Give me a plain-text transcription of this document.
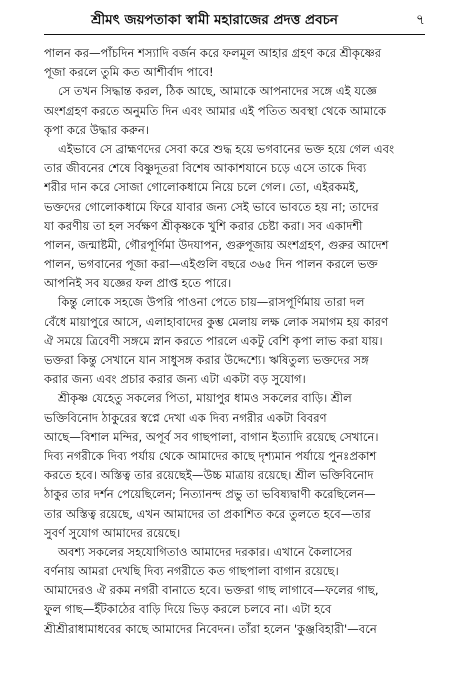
শ্রীমৎ জয়পতাকা স্বামী মহারাজের প্রদত্ত প্রবচন	৭
পালন কর—পাঁচদিন শস্যাদি বর্জন করে ফলমূল আহার গ্রহণ করে শ্রীকৃষ্ণের
পূজা করলে তুমি কত আশীর্বাদ পাবে!
সে তখন সিদ্ধান্ত করল, ঠিক আছে, আমাকে আপনাদের সঙ্গে এই যজ্ঞে
অংশগ্রহণ করতে অনুমতি দিন এবং আমার এই পতিত অবস্থা থেকে আমাকে
কৃপা করে উদ্ধার করুন।
এইভাবে সে ব্রাহ্মণদের সেবা করে শুদ্ধ হয়ে ভগবানের ভক্ত হয়ে গেল এবং
তার জীবনের শেষে বিষ্ণুদূতরা বিশেষ আকাশযানে চড়ে এসে তাকে দিব্য
শরীর দান করে সোজা গোলোকধামে নিয়ে চলে গেল। তো, এইরকমই,
ভক্তদের গোলোকধামে ফিরে যাবার জন্য সেই ভাবে ভাবতে হয় না; তাদের
যা করণীয় তা হল সর্বক্ষণ শ্রীকৃষ্ণকে খুশি করার চেষ্টা করা। সব একাদশী
পালন, জন্মাষ্টমী, গৌরপূর্ণিমা উদযাপন, গুরুপূজায় অংশগ্রহণ, গুরুর আদেশ
পালন, ভগবানের পূজা করা—এইগুলি বছরে ৩৬৫ দিন পালন করলে ভক্ত
আপনিই সব যজ্ঞের ফল প্রাপ্ত হতে পারে।
কিন্তু লোকে সহজে উপরি পাওনা পেতে চায়—রাসপূর্ণিমায় তারা দল
বেঁধে মায়াপুরে আসে, এলাহাবাদের কুম্ভ মেলায় লক্ষ লোক সমাগম হয় কারণ
ঐ সময়ে ত্রিবেণী সঙ্গমে স্নান করতে পারলে একটু বেশি কৃপা লাভ করা যায়।
ভক্তরা কিন্তু সেখানে যান সাধুসঙ্গ করার উদ্দেশ্যে। ঋষিতুল্য ভক্তদের সঙ্গ
করার জন্য এবং প্রচার করার জন্য এটা একটা বড় সুযোগ।
শ্রীকৃষ্ণ যেহেতু সকলের পিতা, মায়াপুর ধামও সকলের বাড়ি। শ্রীল
ভক্তিবিনোদ ঠাকুরের স্বপ্নে দেখা এক দিব্য নগরীর একটা বিবরণ
আছে—বিশাল মন্দির, অপূর্ব সব গাছপালা, বাগান ইত্যাদি রয়েছে সেখানে।
দিব্য নগরীকে দিব্য পর্যায় থেকে আমাদের কাছে দৃশ্যমান পর্যায়ে পুনঃপ্রকাশ
করতে হবে। অস্তিত্ব তার রয়েছেই—উচ্চ মাত্রায় রয়েছে। শ্রীল ভক্তিবিনোদ
ঠাকুর তার দর্শন পেয়েছিলেন; নিত্যানন্দ প্রভু তা ভবিষ্যদ্বাণী করেছিলেন—
তার অস্তিত্ব রয়েছে, এখন আমাদের তা প্রকাশিত করে তুলতে হবে—তার
সুবর্ণ সুযোগ আমাদের রয়েছে।
অবশ্য সকলের সহযোগিতাও আমাদের দরকার। এখানে কৈলাসের
বর্ণনায় আমরা দেখছি দিব্য নগরীতে কত গাছপালা বাগান রয়েছে।
আমাদেরও ঐ রকম নগরী বানাতে হবে। ভক্তরা গাছ লাগাবে—ফলের গাছ,
ফুল গাছ—ইঁটকাঠের বাড়ি দিয়ে ভিড় করলে চলবে না। এটা হবে
শ্রীশ্রীরাধামাধবের কাছে আমাদের নিবেদন। তাঁরা হলেন 'কুঞ্জবিহারী'—বনে
